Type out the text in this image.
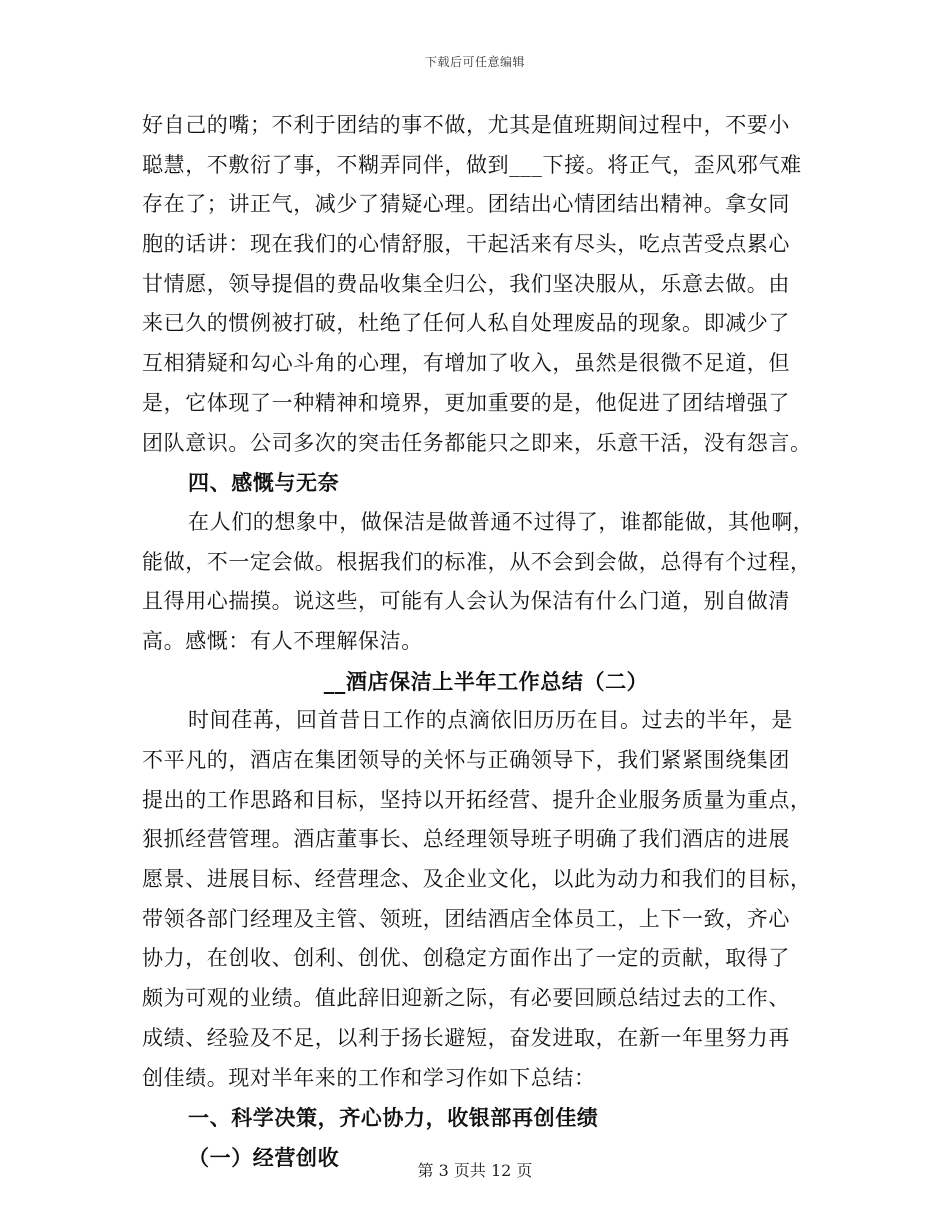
下载后可任意编辑
好自己的嘴；不利于团结的事不做，尤其是值班期间过程中，不要小
聪慧，不敷衍了事，不糊弄同伴，做到___下接。将正气，歪风邪气难
存在了；讲正气，减少了猜疑心理。团结出心情团结出精神。拿女同
胞的话讲：现在我们的心情舒服，干起活来有尽头，吃点苦受点累心
甘情愿，领导提倡的费品收集全归公，我们坚决服从，乐意去做。由
来已久的惯例被打破，杜绝了任何人私自处理废品的现象。即减少了
互相猜疑和勾心斗角的心理，有增加了收入，虽然是很微不足道，但
是，它体现了一种精神和境界，更加重要的是，他促进了团结增强了
团队意识。公司多次的突击任务都能只之即来，乐意干活，没有怨言。
四、感慨与无奈
在人们的想象中，做保洁是做普通不过得了，谁都能做，其他啊，
能做，不一定会做。根据我们的标准，从不会到会做，总得有个过程，
且得用心揣摸。说这些，可能有人会认为保洁有什么门道，别自做清
高。感慨：有人不理解保洁。
__酒店保洁上半年工作总结（二）
时间荏苒，回首昔日工作的点滴依旧历历在目。过去的半年，是
不平凡的，酒店在集团领导的关怀与正确领导下，我们紧紧围绕集团
提出的工作思路和目标，坚持以开拓经营、提升企业服务质量为重点，
狠抓经营管理。酒店董事长、总经理领导班子明确了我们酒店的进展
愿景、进展目标、经营理念、及企业文化，以此为动力和我们的目标，
带领各部门经理及主管、领班，团结酒店全体员工，上下一致，齐心
协力，在创收、创利、创优、创稳定方面作出了一定的贡献，取得了
颇为可观的业绩。值此辞旧迎新之际，有必要回顾总结过去的工作、
成绩、经验及不足，以利于扬长避短，奋发进取，在新一年里努力再
创佳绩。现对半年来的工作和学习作如下总结：
一、科学决策，齐心协力，收银部再创佳绩
（一）经营创收
第 3 页共 12 页
